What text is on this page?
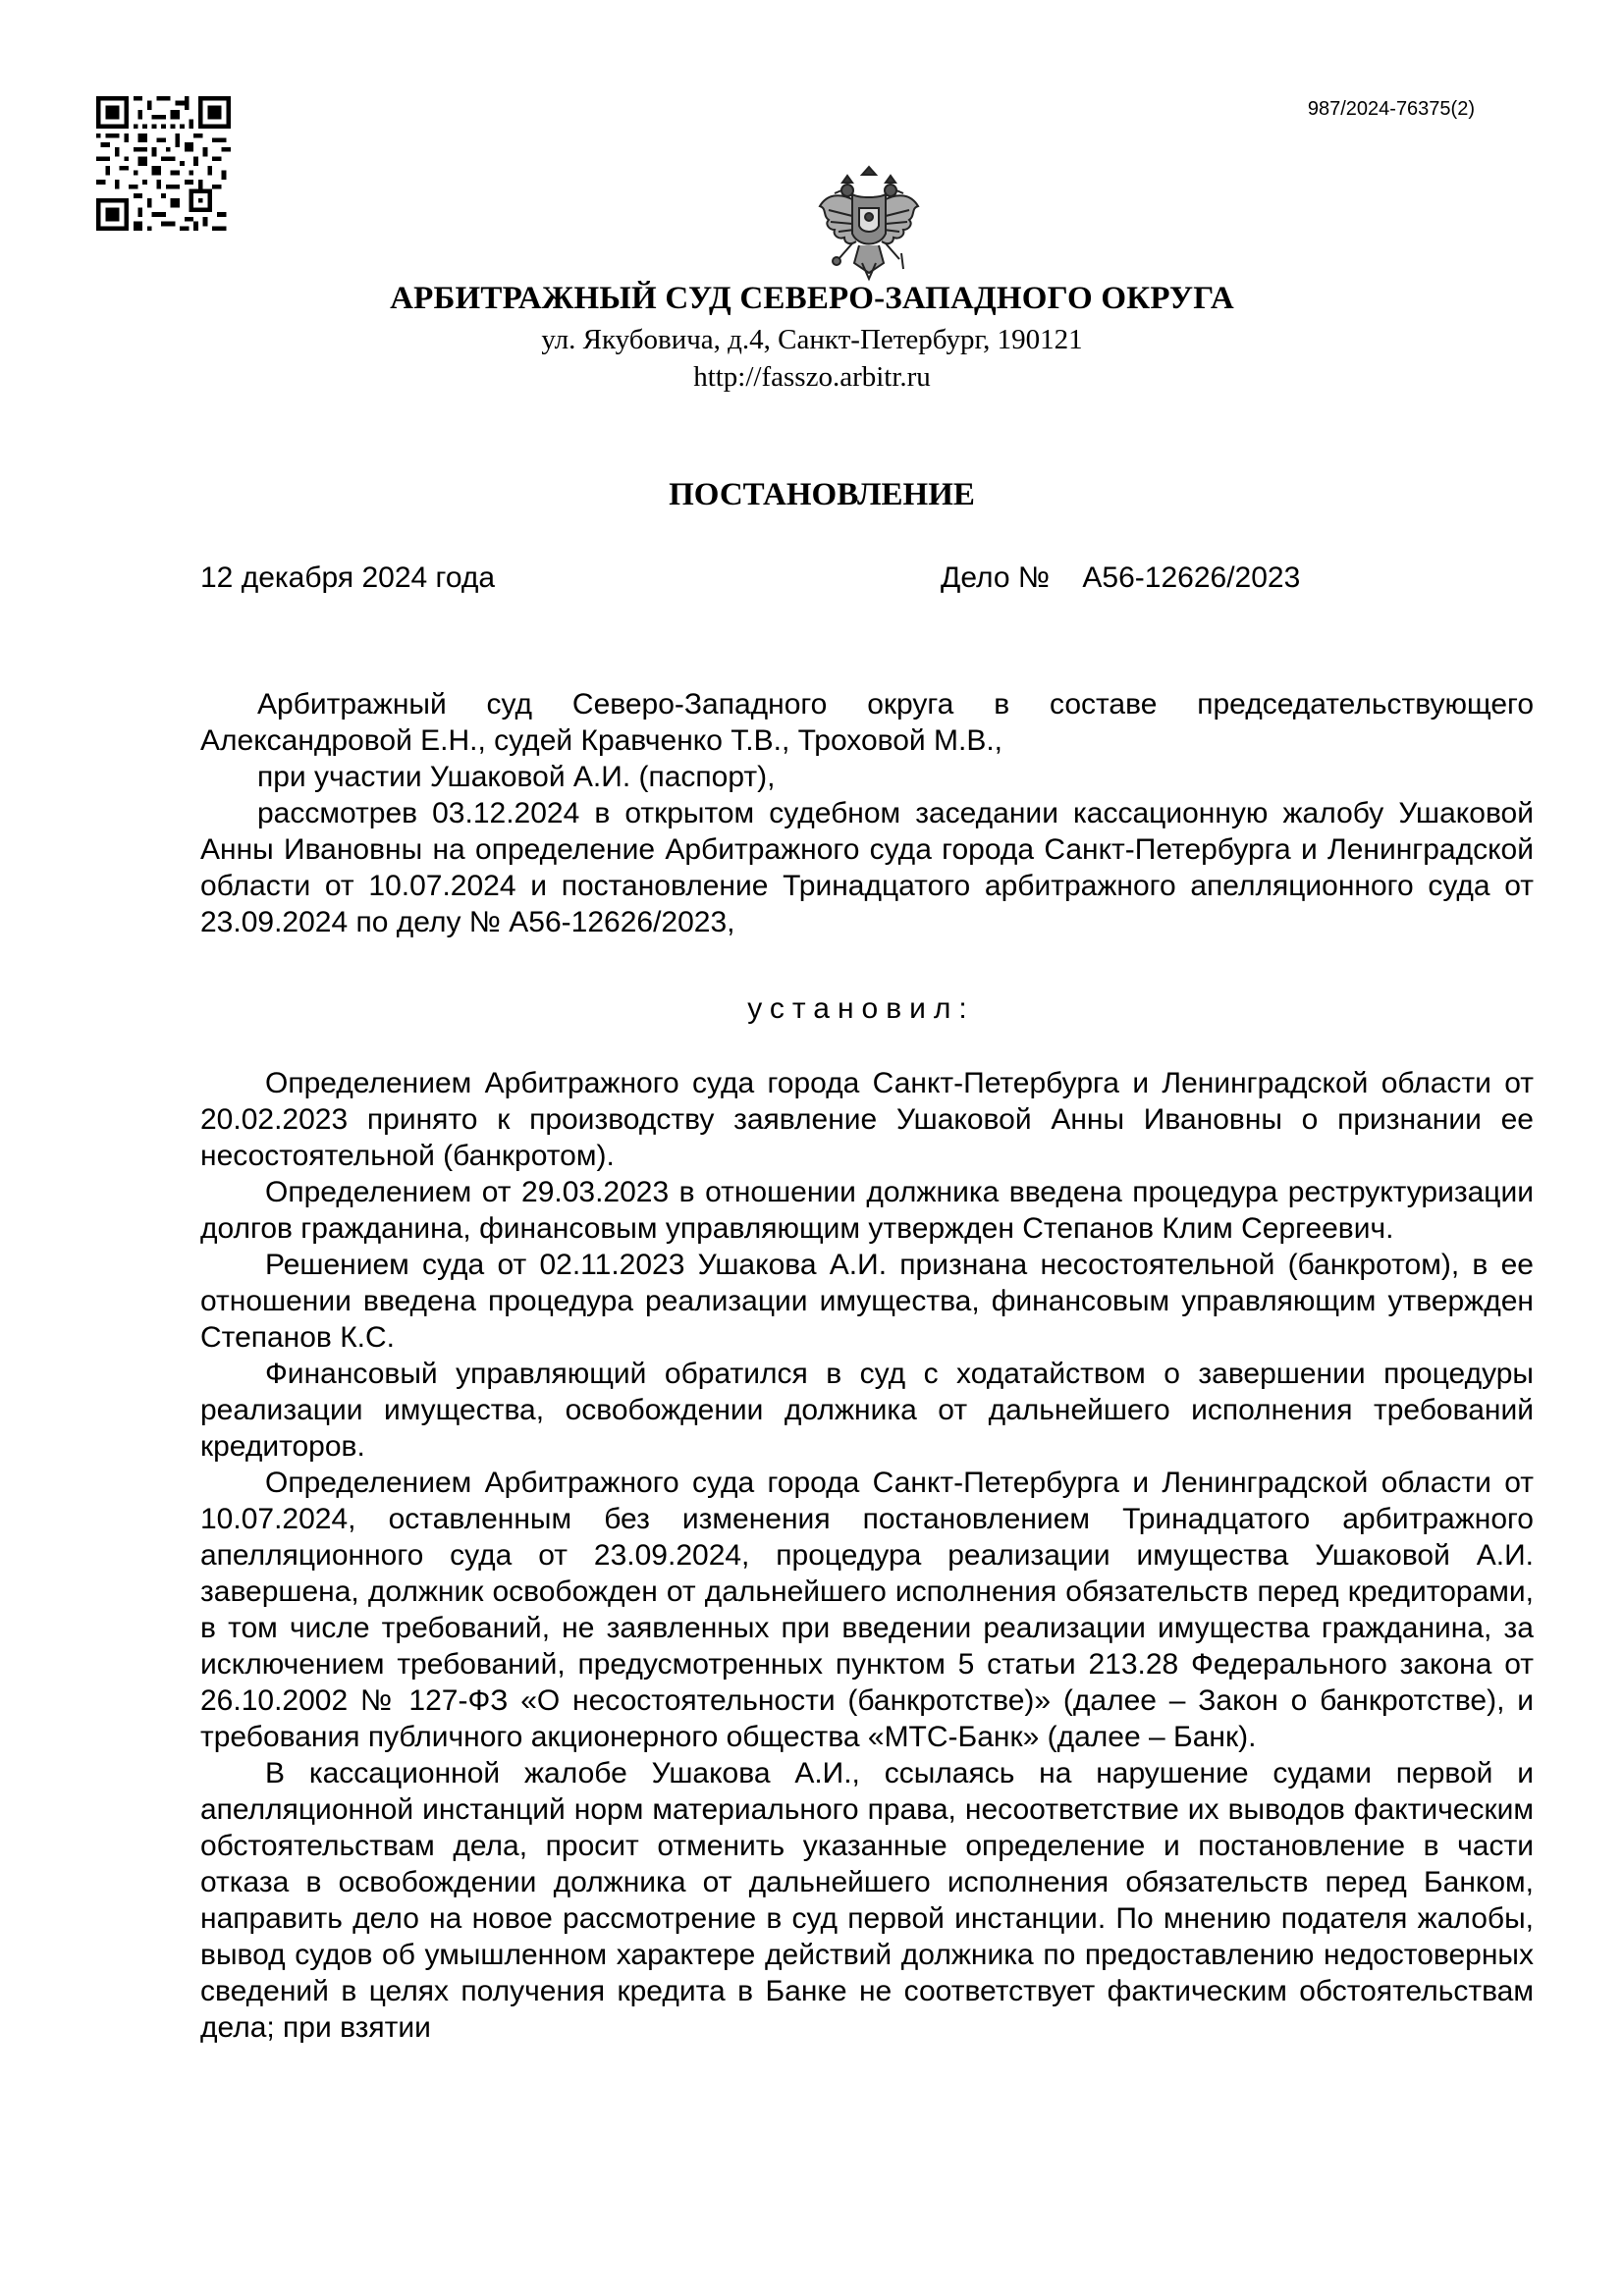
987/2024-76375(2)
АРБИТРАЖНЫЙ СУД СЕВЕРО-ЗАПАДНОГО ОКРУГА
ул. Якубовича, д.4, Санкт-Петербург, 190121
http://fasszo.arbitr.ru
ПОСТАНОВЛЕНИЕ
12 декабря 2024 года	Дело № А56-12626/2023

Арбитражный суд Северо-Западного округа в составе председательствующего Александровой Е.Н., судей Кравченко Т.В., Троховой М.В.,

при участии Ушаковой А.И. (паспорт),

рассмотрев 03.12.2024 в открытом судебном заседании кассационную жалобу Ушаковой Анны Ивановны на определение Арбитражного суда города Санкт-Петербурга и Ленинградской области от 10.07.2024 и постановление Тринадцатого арбитражного апелляционного суда от 23.09.2024 по делу № А56-12626/2023,

установил:

Определением Арбитражного суда города Санкт-Петербурга и Ленинградской области от 20.02.2023 принято к производству заявление Ушаковой Анны Ивановны о признании ее несостоятельной (банкротом).

Определением от 29.03.2023 в отношении должника введена процедура реструктуризации долгов гражданина, финансовым управляющим утвержден Степанов Клим Сергеевич.

Решением суда от 02.11.2023 Ушакова А.И. признана несостоятельной (банкротом), в ее отношении введена процедура реализации имущества, финансовым управляющим утвержден Степанов К.С.

Финансовый управляющий обратился в суд с ходатайством о завершении процедуры реализации имущества, освобождении должника от дальнейшего исполнения требований кредиторов.

Определением Арбитражного суда города Санкт-Петербурга и Ленинградской области от 10.07.2024, оставленным без изменения постановлением Тринадцатого арбитражного апелляционного суда от 23.09.2024, процедура реализации имущества Ушаковой А.И. завершена, должник освобожден от дальнейшего исполнения обязательств перед кредиторами, в том числе требований, не заявленных при введении реализации имущества гражданина, за исключением требований, предусмотренных пунктом 5 статьи 213.28 Федерального закона от 26.10.2002 № 127-ФЗ «О несостоятельности (банкротстве)» (далее – Закон о банкротстве), и требования публичного акционерного общества «МТС-Банк» (далее – Банк).

В кассационной жалобе Ушакова А.И., ссылаясь на нарушение судами первой и апелляционной инстанций норм материального права, несоответствие их выводов фактическим обстоятельствам дела, просит отменить указанные определение и постановление в части отказа в освобождении должника от дальнейшего исполнения обязательств перед Банком, направить дело на новое рассмотрение в суд первой инстанции. По мнению подателя жалобы, вывод судов об умышленном характере действий должника по предоставлению недостоверных сведений в целях получения кредита в Банке не соответствует фактическим обстоятельствам дела; при взятии
